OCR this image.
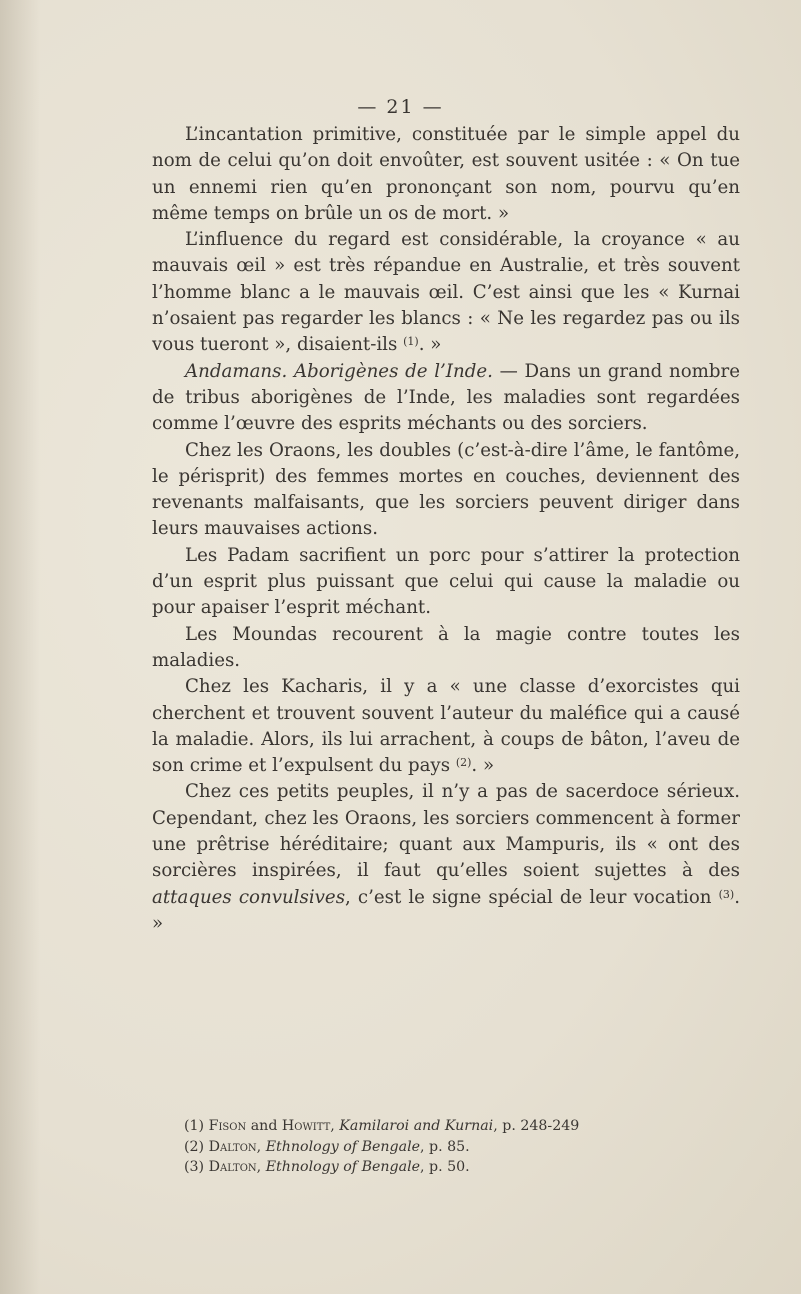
— 21 —

L’incantation primitive, constituée par le simple appel du nom de celui qu’on doit envoûter, est souvent usitée : « On tue un ennemi rien qu’en prononçant son nom, pourvu qu’en même temps on brûle un os de mort. »

L’influence du regard est considérable, la croyance « au mauvais œil » est très répandue en Australie, et très souvent l’homme blanc a le mauvais œil. C’est ainsi que les « Kurnai n’osaient pas regarder les blancs : « Ne les regardez pas ou ils vous tueront », disaient-ils $^{(1)}$. »

Andamans. Aborigènes de l’Inde. — Dans un grand nombre de tribus aborigènes de l’Inde, les maladies sont regardées comme l’œuvre des esprits méchants ou des sorciers.

Chez les Oraons, les doubles (c’est-à-dire l’âme, le fantôme, le périsprit) des femmes mortes en couches, deviennent des revenants malfaisants, que les sorciers peuvent diriger dans leurs mauvaises actions.

Les Padam sacrifient un porc pour s’attirer la protection d’un esprit plus puissant que celui qui cause la maladie ou pour apaiser l’esprit méchant.

Les Moundas recourent à la magie contre toutes les maladies.

Chez les Kacharis, il y a « une classe d’exorcistes qui cherchent et trouvent souvent l’auteur du maléfice qui a causé la maladie. Alors, ils lui arrachent, à coups de bâton, l’aveu de son crime et l’expulsent du pays $^{(2)}$. »

Chez ces petits peuples, il n’y a pas de sacerdoce sérieux. Cependant, chez les Oraons, les sorciers commencent à former une prêtrise héréditaire; quant aux Mampuris, ils « ont des sorcières inspirées, il faut qu’elles soient sujettes à des attaques convulsives, c’est le signe spécial de leur vocation $^{(3)}$. »

(1) Fison and Howitt, Kamilaroi and Kurnai, p. 248-249
(2) Dalton, Ethnology of Bengale, p. 85.
(3) Dalton, Ethnology of Bengale, p. 50.
